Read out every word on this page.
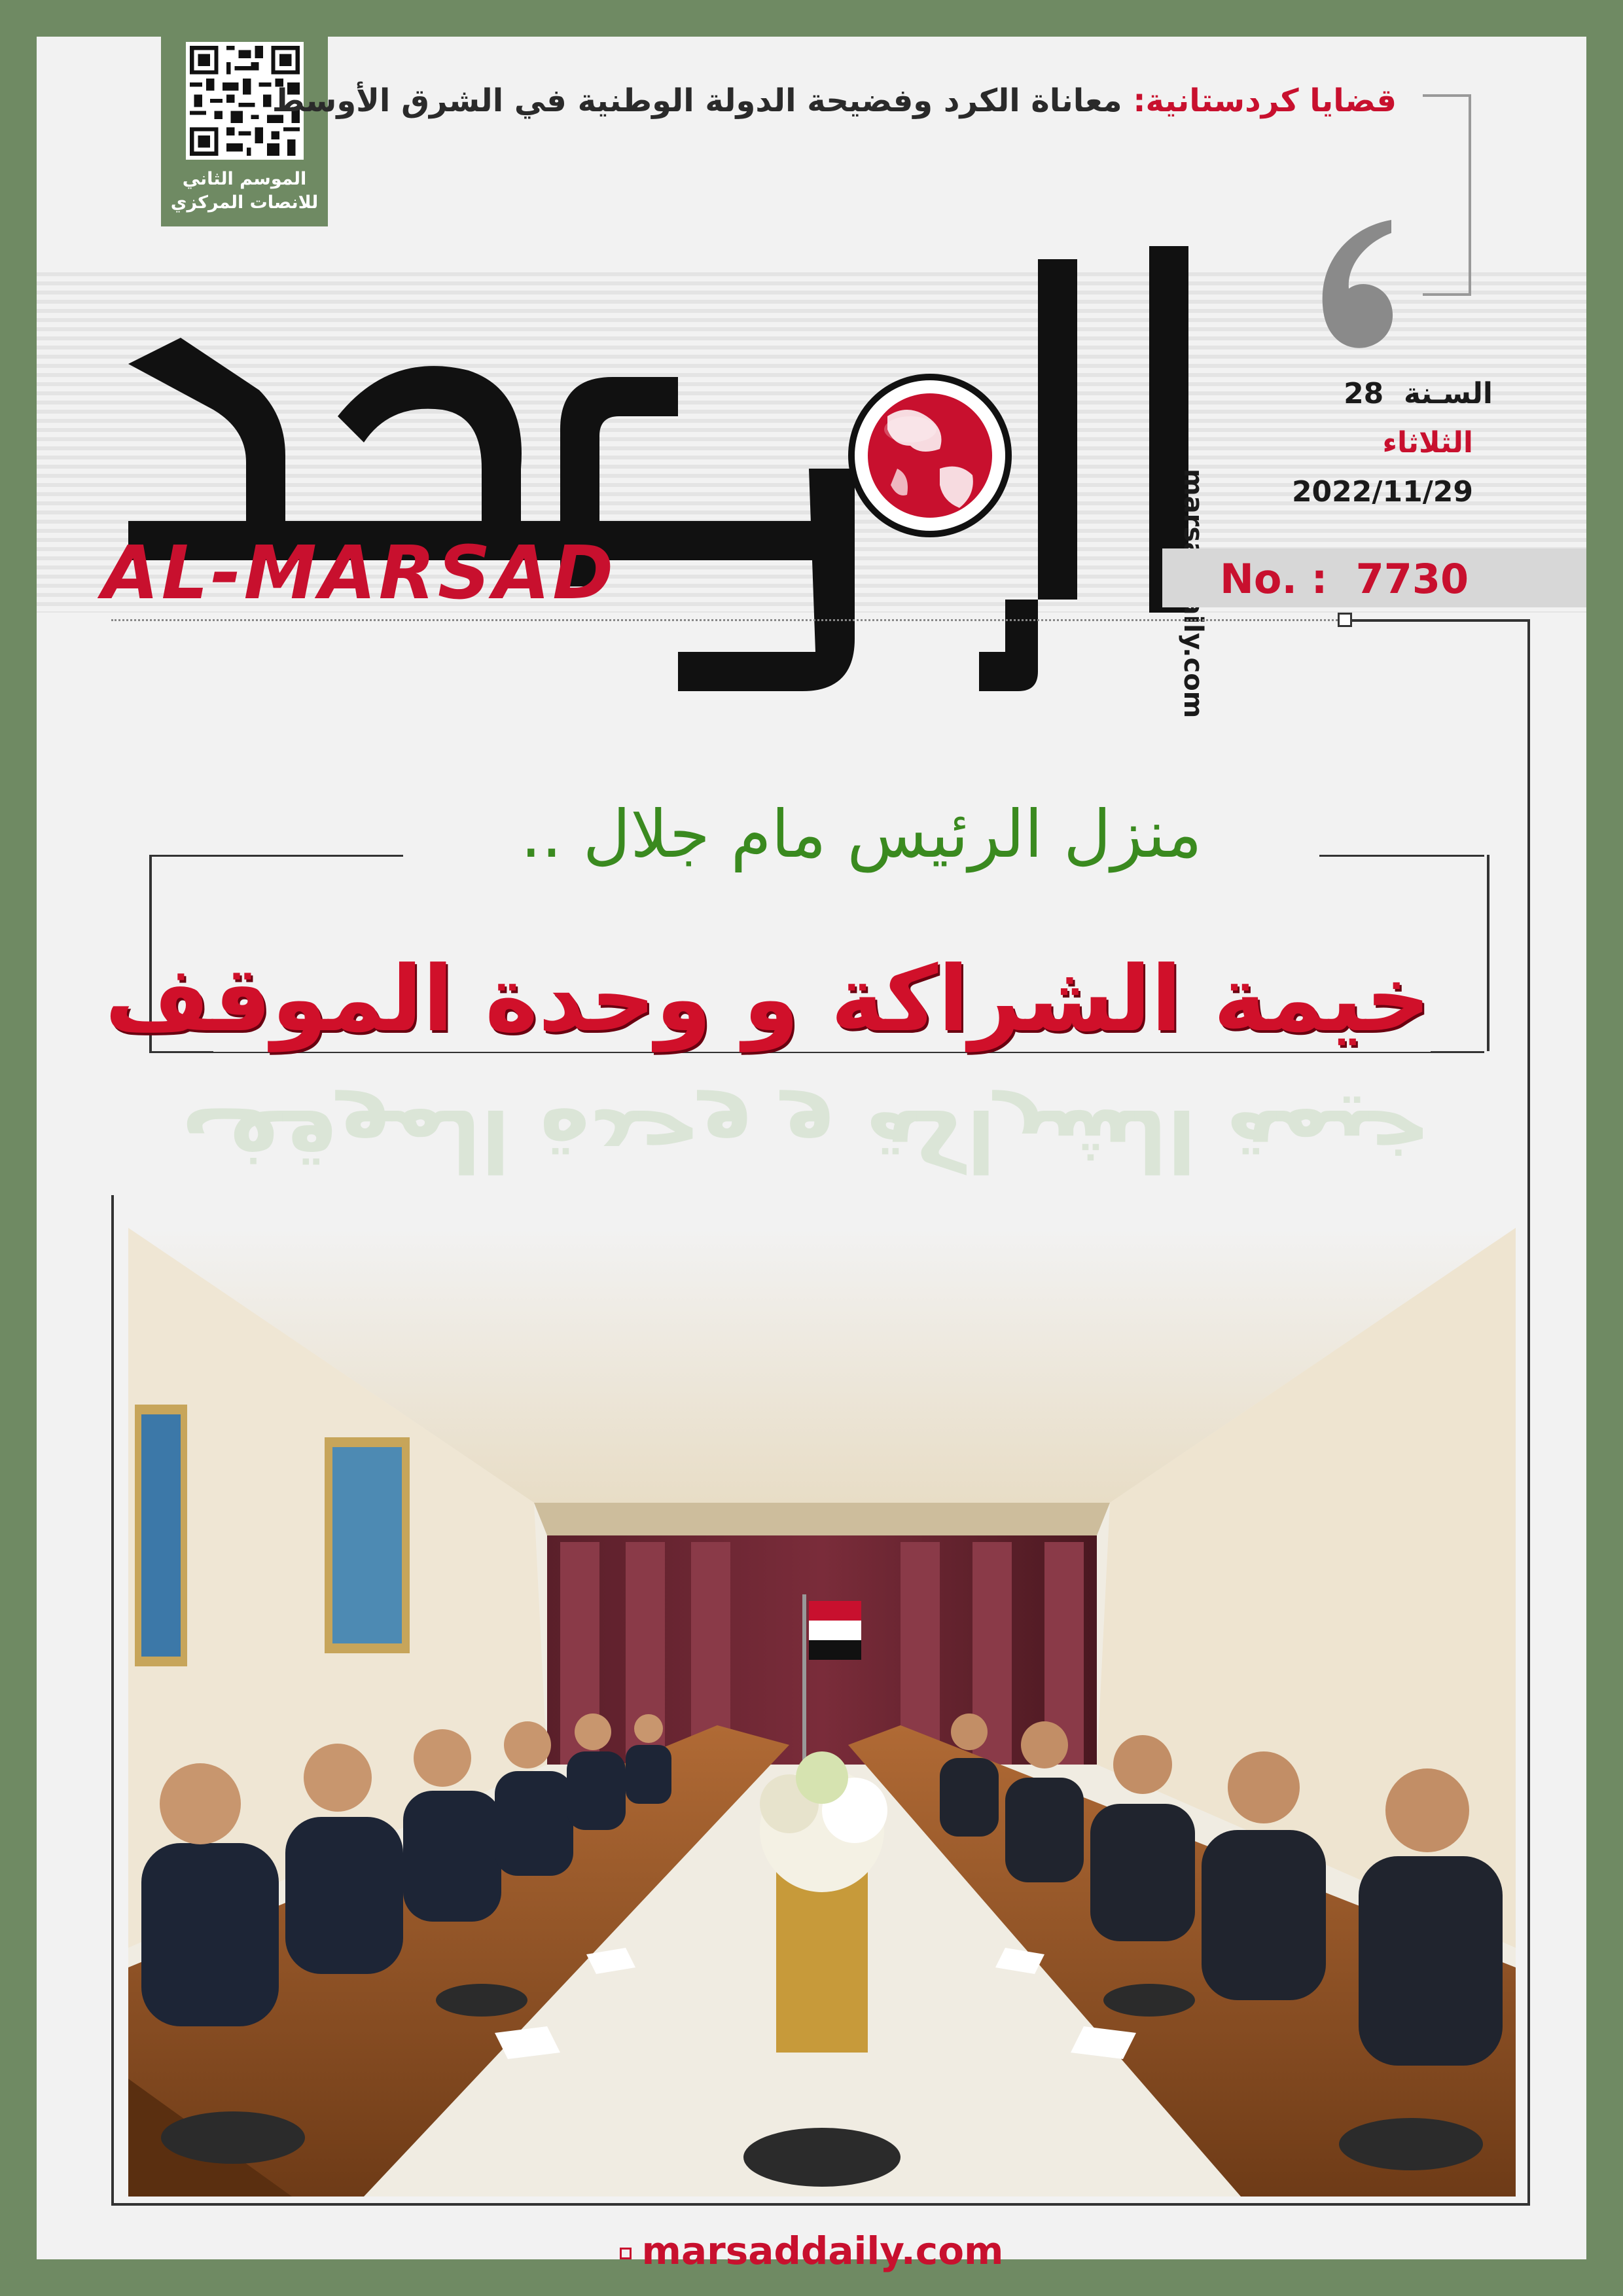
الموسم الثاني
للانصات المركزي
قضايا كردستانية: معاناة الكرد وفضيحة الدولة الوطنية في الشرق الأوسط
AL-MARSAD
السـنة  28
الثلاثاء
2022/11/29
No. : 7730
منزل الرئيس مام جلال ..
خيمة الشراكة و وحدة الموقف
خيمة الشراكة و وحدة الموقف
marsaddaily.com
